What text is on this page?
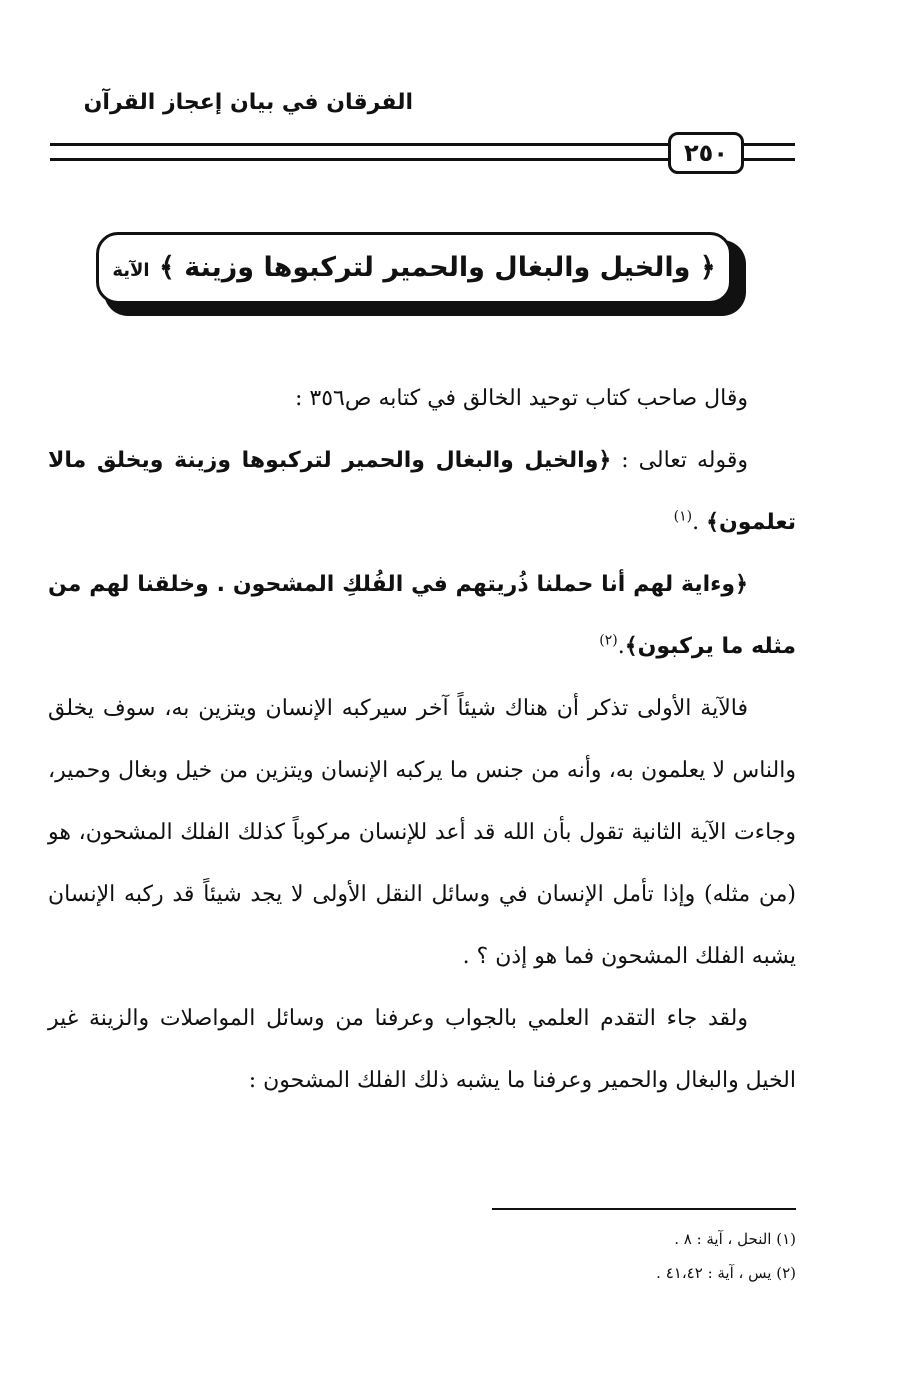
الفرقان في بيان إعجاز القرآن
٢٥٠
﴿ والخيل والبغال والحمير لتركبوها وزينة ﴾ الآية

وقال صاحب كتاب توحيد الخالق في كتابه ص٣٥٦ :

وقوله تعالى : ﴿والخيل والبغال والحمير لتركبوها وزينة ويخلق مالا تعلمون﴾ .$^{(١)}$

﴿وءاية لهم أنا حملنا ذُريتهم في الفُلكِ المشحون . وخلقنا لهم من مثله ما يركبون﴾.$^{(٢)}$

فالآية الأولى تذكر أن هناك شيئاً آخر سيركبه الإنسان ويتزين به، سوف يخلق والناس لا يعلمون به، وأنه من جنس ما يركبه الإنسان ويتزين من خيل وبغال وحمير، وجاءت الآية الثانية تقول بأن الله قد أعد للإنسان مركوباً كذلك الفلك المشحون، هو (من مثله) وإذا تأمل الإنسان في وسائل النقل الأولى لا يجد شيئاً قد ركبه الإنسان يشبه الفلك المشحون فما هو إذن ؟ .

ولقد جاء التقدم العلمي بالجواب وعرفنا من وسائل المواصلات والزينة غير الخيل والبغال والحمير وعرفنا ما يشبه ذلك الفلك المشحون :

(١) النحل ، آية : ٨ .
(٢) يس ، آية : ٤١،٤٢ .
